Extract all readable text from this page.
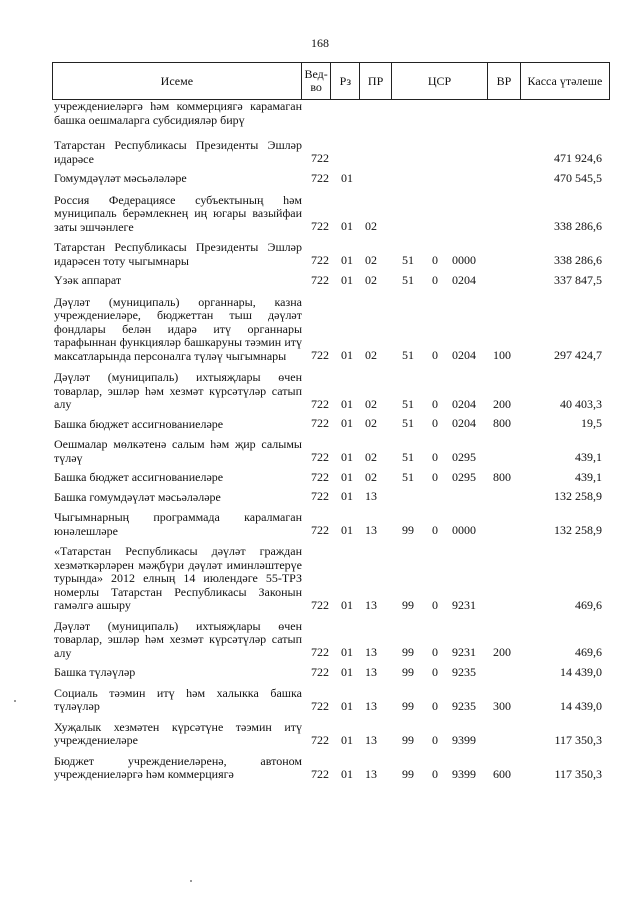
168
Исеме	Вед-во	Рз	ПР	ЦСР	ВР	Касса үтәлеше
учреждениеләргә һәм коммерциягә карамаган башка оешмаларга субсидияләр бирү
Татарстан Республикасы Президенты Эшләр идарәсе	722	471 924,6
Гомумдәүләт мәсьәләләре	722 01	470 545,5
Россия Федерациясе субъектының һәм муниципаль берәмлекнең иң югары вазыйфаи заты эшчәнлеге	722 01 02	338 286,6
Татарстан Республикасы Президенты Эшләр идарәсен тоту чыгымнары	722 01 02 51 0 0000	338 286,6
Үзәк аппарат	722 01 02 51 0 0204	337 847,5
Дәүләт (муниципаль) органнары, казна учреждениеләре, бюджеттан тыш дәүләт фондлары белән идарә итү органнары тарафыннан функцияләр башкаруны тәэмин итү максатларында персоналга түләү чыгымнары	722 01 02 51 0 0204 100	297 424,7
Дәүләт (муниципаль) ихтыяҗлары өчен товарлар, эшләр һәм хезмәт күрсәтүләр сатып алу	722 01 02 51 0 0204 200	40 403,3
Башка бюджет ассигнованиеләре	722 01 02 51 0 0204 800	19,5
Оешмалар мөлкәтенә салым һәм җир салымы түләү	722 01 02 51 0 0295	439,1
Башка бюджет ассигнованиеләре	722 01 02 51 0 0295 800	439,1
Башка гомумдәүләт мәсьәләләре	722 01 13	132 258,9
Чыгымнарның программада каралмаган юнәлешләре	722 01 13 99 0 0000	132 258,9
«Татарстан Республикасы дәүләт граждан хезмәткәрләрен мәҗбүри дәүләт иминләштерүе турында» 2012 елның 14 июлендәге 55-ТРЗ номерлы Татарстан Республикасы Законын гамәлгә ашыру	722 01 13 99 0 9231	469,6
Дәүләт (муниципаль) ихтыяҗлары өчен товарлар, эшләр һәм хезмәт күрсәтүләр сатып алу	722 01 13 99 0 9231 200	469,6
Башка түләүләр	722 01 13 99 0 9235	14 439,0
Социаль тәэмин итү һәм халыкка башка түләүләр	722 01 13 99 0 9235 300	14 439,0
Хуҗалык хезмәтен күрсәтүне тәэмин итү учреждениеләре	722 01 13 99 0 9399	117 350,3
Бюджет учреждениеләренә, автоном учреждениеләргә һәм коммерциягә	722 01 13 99 0 9399 600	117 350,3
